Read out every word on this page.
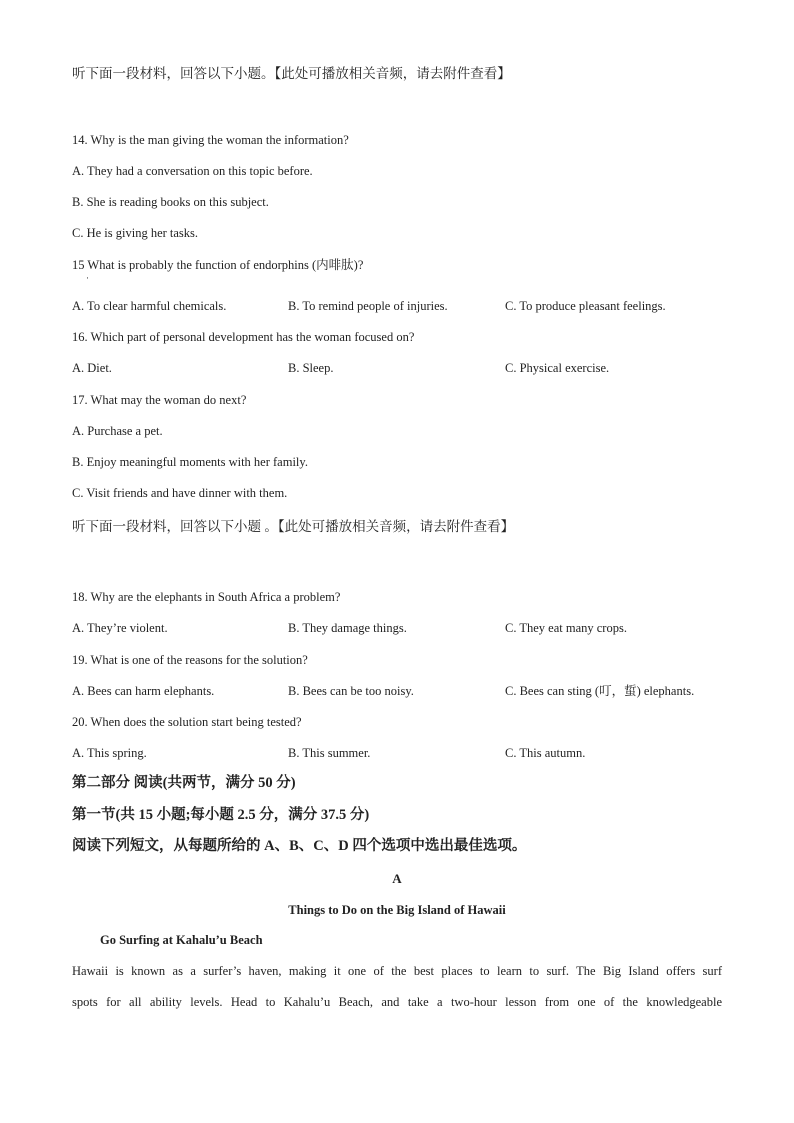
听下面一段材料，回答以下小题。【此处可播放相关音频，请去附件查看】
14. Why is the man giving the woman the information?
A. They had a conversation on this topic before.
B. She is reading books on this subject.
C. He is giving her tasks.
15 What is probably the function of endorphins (内啡肽)?
·
A. To clear harmful chemicals.	B. To remind people of injuries.	C. To produce pleasant feelings.
16. Which part of personal development has the woman focused on?
A. Diet.	B. Sleep.	C. Physical exercise.
17. What may the woman do next?
A. Purchase a pet.
B. Enjoy meaningful moments with her family.
C. Visit friends and have dinner with them.
听下面一段材料，回答以下小题 。【此处可播放相关音频，请去附件查看】
18. Why are the elephants in South Africa a problem?
A. They’re violent.	B. They damage things.	C. They eat many crops.
19. What is one of the reasons for the solution?
A. Bees can harm elephants.	B. Bees can be too noisy.	C. Bees can sting (叮，蜇) elephants.
20. When does the solution start being tested?
A. This spring.	B. This summer.	C. This autumn.
第二部分 阅读(共两节，满分 50 分)
第一节(共 15 小题;每小题 2.5 分，满分 37.5 分)
阅读下列短文，从每题所给的 A、B、C、D 四个选项中选出最佳选项。
A
Things to Do on the Big Island of Hawaii
Go Surfing at Kahalu’u Beach
Hawaii is known as a surfer’s haven, making it one of the best places to learn to surf. The Big Island offers surf
spots for all ability levels. Head to Kahalu’u Beach, and take a two-hour lesson from one of the knowledgeable
